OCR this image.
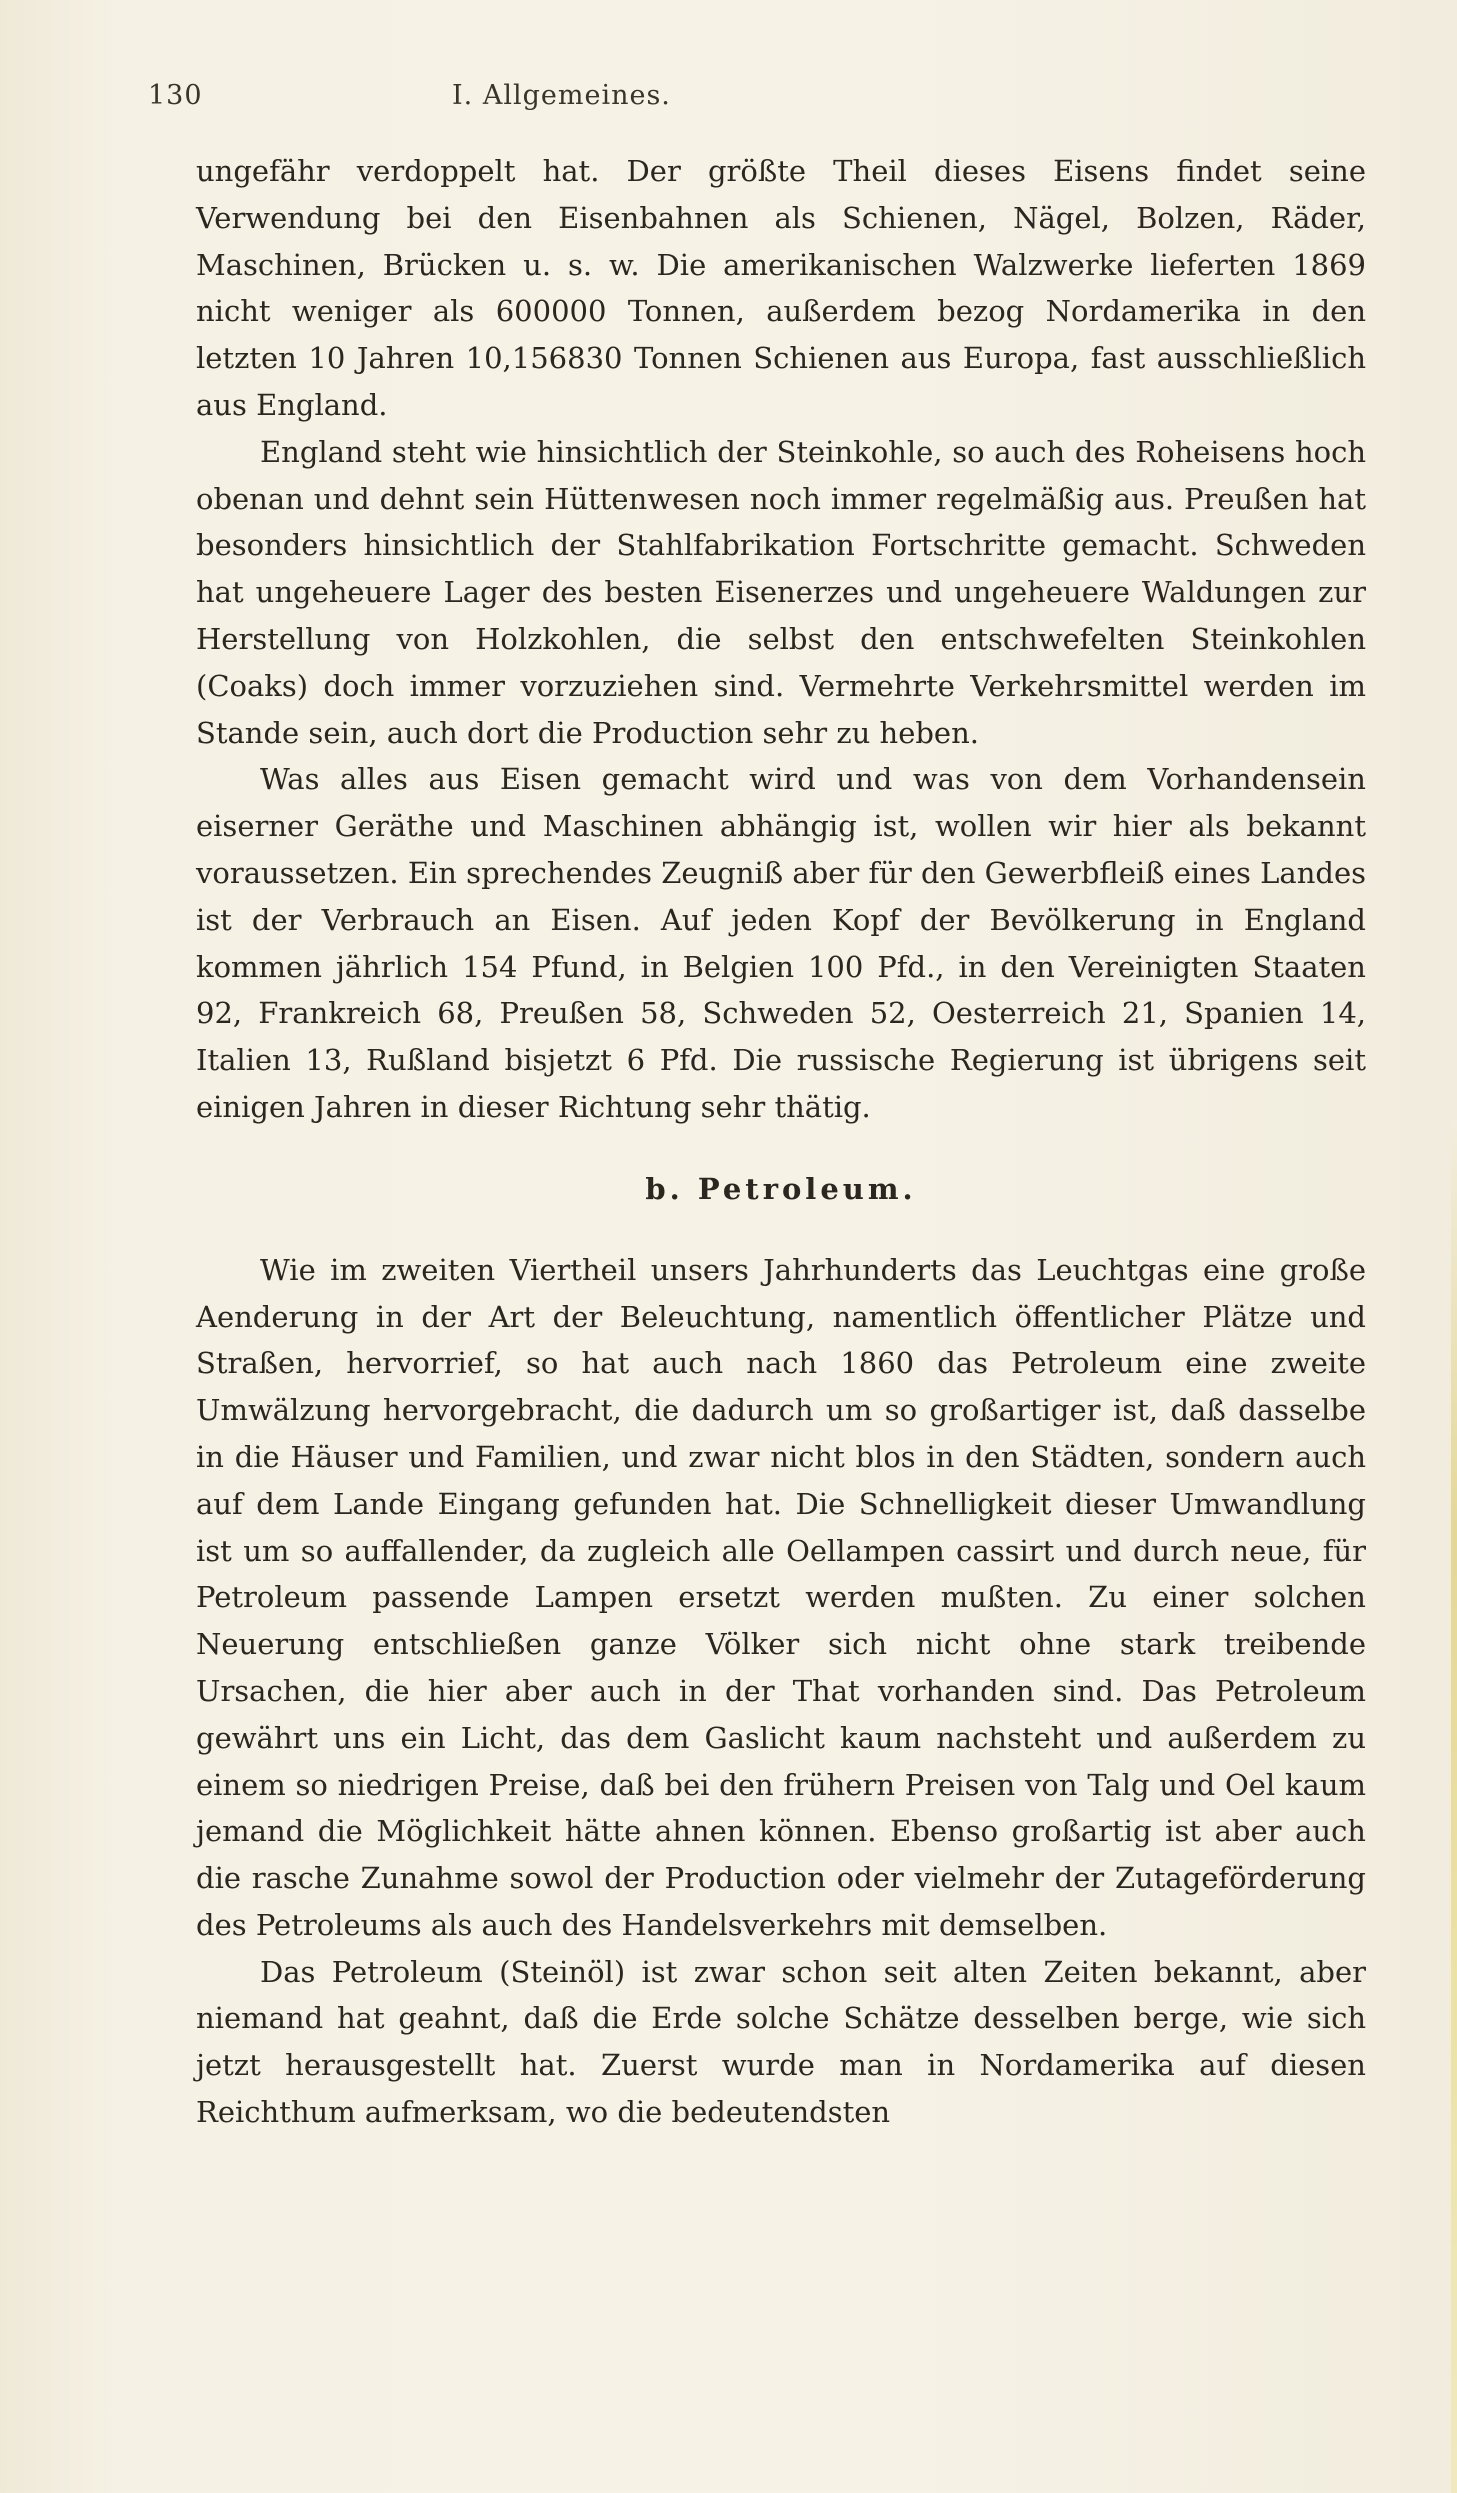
130	I. Allgemeines.

ungefähr verdoppelt hat. Der größte Theil dieses Eisens findet seine Verwendung bei den Eisenbahnen als Schienen, Nägel, Bolzen, Räder, Maschinen, Brücken u. s. w. Die amerikanischen Walzwerke lieferten 1869 nicht weniger als 600000 Tonnen, außerdem bezog Nordamerika in den letzten 10 Jahren 10,156830 Tonnen Schienen aus Europa, fast ausschließlich aus England.

England steht wie hinsichtlich der Steinkohle, so auch des Roheisens hoch obenan und dehnt sein Hüttenwesen noch immer regelmäßig aus. Preußen hat besonders hinsichtlich der Stahlfabrikation Fortschritte gemacht. Schweden hat ungeheuere Lager des besten Eisenerzes und ungeheuere Waldungen zur Herstellung von Holzkohlen, die selbst den entschwefelten Steinkohlen (Coaks) doch immer vorzuziehen sind. Vermehrte Verkehrsmittel werden im Stande sein, auch dort die Production sehr zu heben.

Was alles aus Eisen gemacht wird und was von dem Vorhandensein eiserner Geräthe und Maschinen abhängig ist, wollen wir hier als bekannt voraussetzen. Ein sprechendes Zeugniß aber für den Gewerbfleiß eines Landes ist der Verbrauch an Eisen. Auf jeden Kopf der Bevölkerung in England kommen jährlich 154 Pfund, in Belgien 100 Pfd., in den Vereinigten Staaten 92, Frankreich 68, Preußen 58, Schweden 52, Oesterreich 21, Spanien 14, Italien 13, Rußland bisjetzt 6 Pfd. Die russische Regierung ist übrigens seit einigen Jahren in dieser Richtung sehr thätig.

b. Petroleum.

Wie im zweiten Viertheil unsers Jahrhunderts das Leuchtgas eine große Aenderung in der Art der Beleuchtung, namentlich öffentlicher Plätze und Straßen, hervorrief, so hat auch nach 1860 das Petroleum eine zweite Umwälzung hervorgebracht, die dadurch um so großartiger ist, daß dasselbe in die Häuser und Familien, und zwar nicht blos in den Städten, sondern auch auf dem Lande Eingang gefunden hat. Die Schnelligkeit dieser Umwandlung ist um so auffallender, da zugleich alle Oellampen cassirt und durch neue, für Petroleum passende Lampen ersetzt werden mußten. Zu einer solchen Neuerung entschließen ganze Völker sich nicht ohne stark treibende Ursachen, die hier aber auch in der That vorhanden sind. Das Petroleum gewährt uns ein Licht, das dem Gaslicht kaum nachsteht und außerdem zu einem so niedrigen Preise, daß bei den frühern Preisen von Talg und Oel kaum jemand die Möglichkeit hätte ahnen können. Ebenso großartig ist aber auch die rasche Zunahme sowol der Production oder vielmehr der Zutageförderung des Petroleums als auch des Handelsverkehrs mit demselben.

Das Petroleum (Steinöl) ist zwar schon seit alten Zeiten bekannt, aber niemand hat geahnt, daß die Erde solche Schätze desselben berge, wie sich jetzt herausgestellt hat. Zuerst wurde man in Nordamerika auf diesen Reichthum aufmerksam, wo die bedeutendsten
